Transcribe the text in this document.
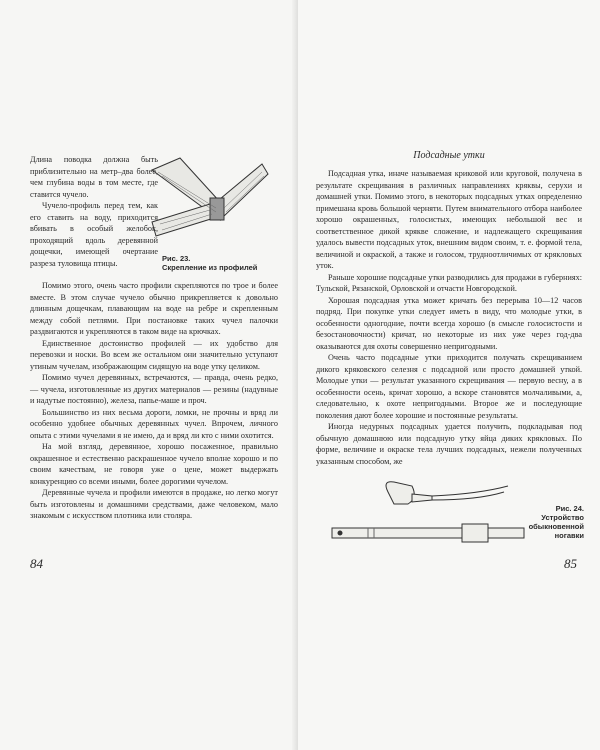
Рис. 23.
Скрепление из профилей

Длина поводка должна быть приблизительно на метр–два более, чем глубина воды в том месте, где ставится чучело.

Чучело-профиль перед тем, как его ставить на воду, приходится вбивать в особый желобок, проходящий вдоль деревянной дощечки, имеющей очертание разреза туловища птицы.

Помимо этого, очень часто профили скрепляются по трое и более вместе. В этом случае чучело обычно прикрепляется к довольно длинным дощечкам, плавающим на воде на ребре и скрепленным между собой петлями. При постановке таких чучел палочки раздвигаются и укрепляются в таком виде на крючках.

Единственное достоинство профилей — их удобство для перевозки и носки. Во всем же остальном они значительно уступают утиным чучелам, изображающим сидящую на воде утку целиком.

Помимо чучел деревянных, встречаются, — правда, очень редко, — чучела, изготовленные из других материалов — резины (надувные и надутые постоянно), железа, папье-маше и проч.

Большинство из них весьма дороги, ломки, не прочны и вряд ли особенно удобнее обычных деревянных чучел. Впрочем, личного опыта с этими чучелами я не имею, да и вряд ли кто с ними охотится.

На мой взгляд, деревянное, хорошо посаженное, правильно окрашенное и естественно раскрашенное чучело вполне хорошо и по своим качествам, не говоря уже о цене, может выдержать конкуренцию со всеми иными, более дорогими чучелом.

Деревянные чучела и профили имеются в продаже, но легко могут быть изготовлены и домашними средствами, даже человеком, мало знакомым с искусством плотника или столяра.

84
Подсадные утки

Подсадная утка, иначе называемая криковой или круговой, получена в результате скрещивания в различных направлениях кряквы, серухи и домашней утки. Помимо этого, в некоторых подсадных утках определенно примешана кровь большой черняти. Путем внимательного отбора наиболее хорошо окрашенных, голосистых, имеющих небольшой вес и соответственное дикой крякве сложение, и надлежащего скрещивания удалось вывести подсадных уток, внешним видом своим, т. е. формой тела, величиной и окраской, а также и голосом, трудноотличимых от крякловых уток.

Раньше хорошие подсадные утки разводились для продажи в губерниях: Тульской, Рязанской, Орловской и отчасти Новгородской.

Хорошая подсадная утка может кричать без перерыва 10—12 часов подряд. При покупке утки следует иметь в виду, что молодые утки, в особенности одногодние, почти всегда хорошо (в смысле голосистости и безостановочности) кричат, но некоторые из них уже через год-два оказываются для охоты совершенно непригодными.

Очень часто подсадные утки приходится получать скрещиванием дикого кряковского селезня с подсадной или просто домашней уткой. Молодые утки — результат указанного скрещивания — первую весну, а в особенности осень, кричат хорошо, а вскоре становятся молчаливыми, а, следовательно, к охоте непригодными. Второе же и последующие поколения дают более хорошие и постоянные результаты.

Иногда недурных подсадных удается получить, подкладывая под обычную домашнюю или подсадную утку яйца диких крякловых. По форме, величине и окраске тела лучших подсадных, нежели полученных указанным способом, же

Рис. 24.
Устройство обыкновенной ногавки
85
